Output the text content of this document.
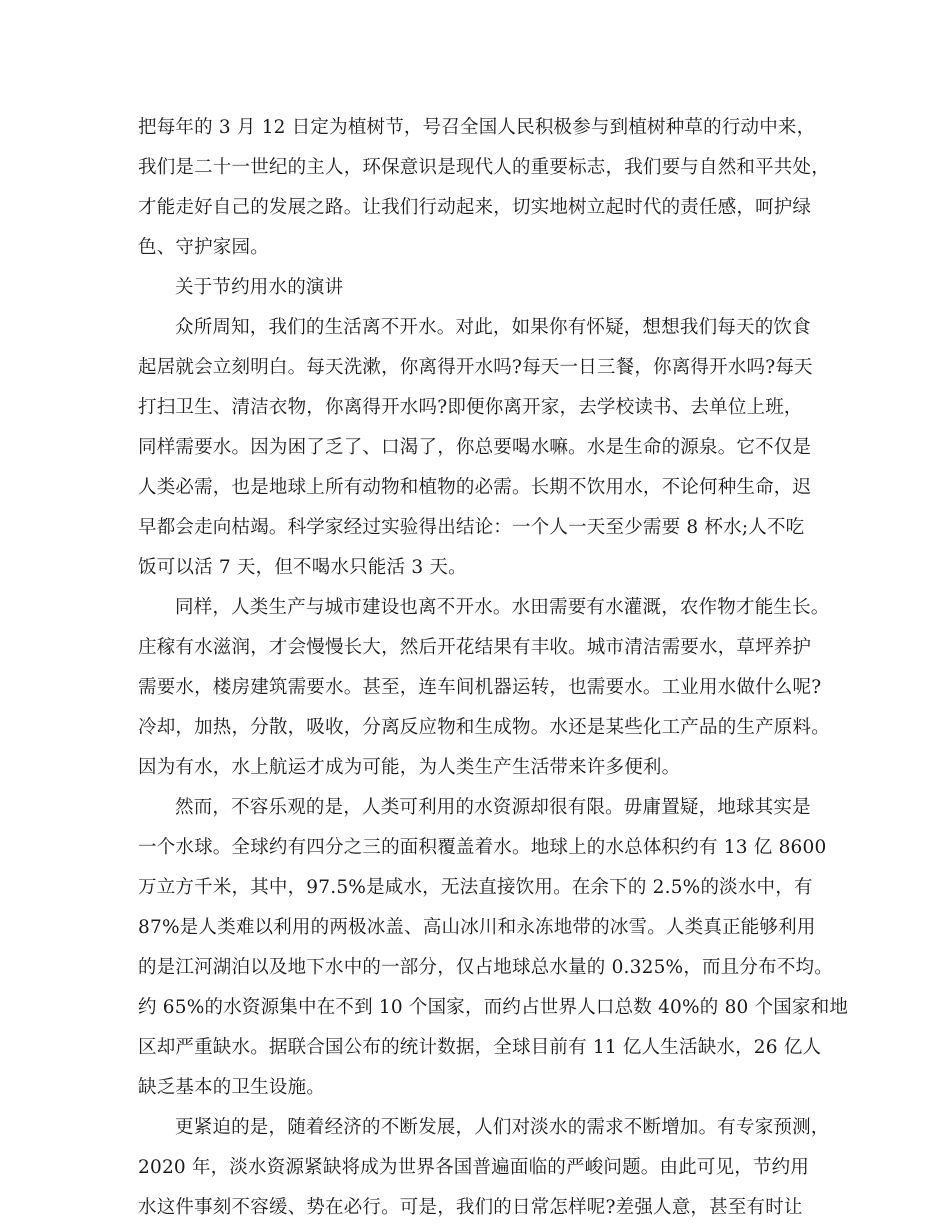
把每年的 3 月 12 日定为植树节，号召全国人民积极参与到植树种草的行动中来，
我们是二十一世纪的主人，环保意识是现代人的重要标志，我们要与自然和平共处，
才能走好自己的发展之路。让我们行动起来，切实地树立起时代的责任感，呵护绿
色、守护家园。
关于节约用水的演讲
众所周知，我们的生活离不开水。对此，如果你有怀疑，想想我们每天的饮食
起居就会立刻明白。每天洗漱，你离得开水吗?每天一日三餐，你离得开水吗?每天
打扫卫生、清洁衣物，你离得开水吗?即便你离开家，去学校读书、去单位上班，
同样需要水。因为困了乏了、口渴了，你总要喝水嘛。水是生命的源泉。它不仅是
人类必需，也是地球上所有动物和植物的必需。长期不饮用水，不论何种生命，迟
早都会走向枯竭。科学家经过实验得出结论：一个人一天至少需要 8 杯水;人不吃
饭可以活 7 天，但不喝水只能活 3 天。
同样，人类生产与城市建设也离不开水。水田需要有水灌溉，农作物才能生长。
庄稼有水滋润，才会慢慢长大，然后开花结果有丰收。城市清洁需要水，草坪养护
需要水，楼房建筑需要水。甚至，连车间机器运转，也需要水。工业用水做什么呢?
冷却，加热，分散，吸收，分离反应物和生成物。水还是某些化工产品的生产原料。
因为有水，水上航运才成为可能，为人类生产生活带来许多便利。
然而，不容乐观的是，人类可利用的水资源却很有限。毋庸置疑，地球其实是
一个水球。全球约有四分之三的面积覆盖着水。地球上的水总体积约有 13 亿 8600
万立方千米，其中，97.5%是咸水，无法直接饮用。在余下的 2.5%的淡水中，有
87%是人类难以利用的两极冰盖、高山冰川和永冻地带的冰雪。人类真正能够利用
的是江河湖泊以及地下水中的一部分，仅占地球总水量的 0.325%，而且分布不均。
约 65%的水资源集中在不到 10 个国家，而约占世界人口总数 40%的 80 个国家和地
区却严重缺水。据联合国公布的统计数据，全球目前有 11 亿人生活缺水，26 亿人
缺乏基本的卫生设施。
更紧迫的是，随着经济的不断发展，人们对淡水的需求不断增加。有专家预测，
2020 年，淡水资源紧缺将成为世界各国普遍面临的严峻问题。由此可见，节约用
水这件事刻不容缓、势在必行。可是，我们的日常怎样呢?差强人意，甚至有时让
